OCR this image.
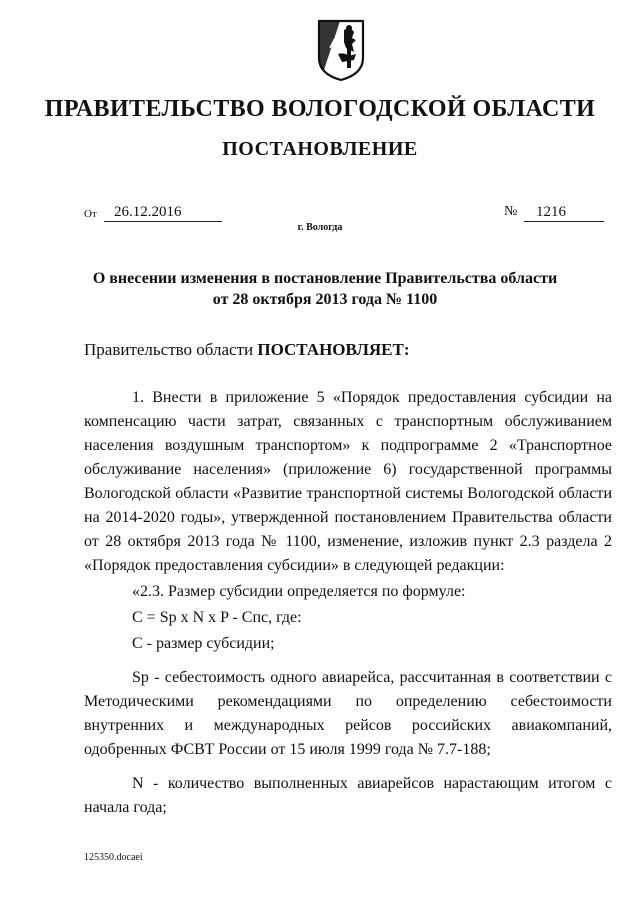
ПРАВИТЕЛЬСТВО ВОЛОГОДСКОЙ ОБЛАСТИ
ПОСТАНОВЛЕНИЕ
От	26.12.2016	№	1216
г. Вологда
О внесении изменения в постановление Правительства области
от 28 октября 2013 года № 1100
Правительство области ПОСТАНОВЛЯЕТ:

1. Внести в приложение 5 «Порядок предоставления субсидии на компенсацию части затрат, связанных с транспортным обслуживанием населения воздушным транспортом» к подпрограмме 2 «Транспортное обслуживание населения» (приложение 6) государственной программы Вологодской области «Развитие транспортной системы Вологодской области на 2014-2020 годы», утвержденной постановлением Правительства области от 28 октября 2013 года № 1100, изменение, изложив пункт 2.3 раздела 2 «Порядок предоставления субсидии» в следующей редакции:

«2.3. Размер субсидии определяется по формуле:

C = Sp x N x P - Спс, где:

C - размер субсидии;

Sp - себестоимость одного авиарейса, рассчитанная в соответствии с Методическими рекомендациями по определению себестоимости внутренних и международных рейсов российских авиакомпаний, одобренных ФСВТ России от 15 июля 1999 года № 7.7-188;

N - количество выполненных авиарейсов нарастающим итогом с начала года;

125350.docaei
